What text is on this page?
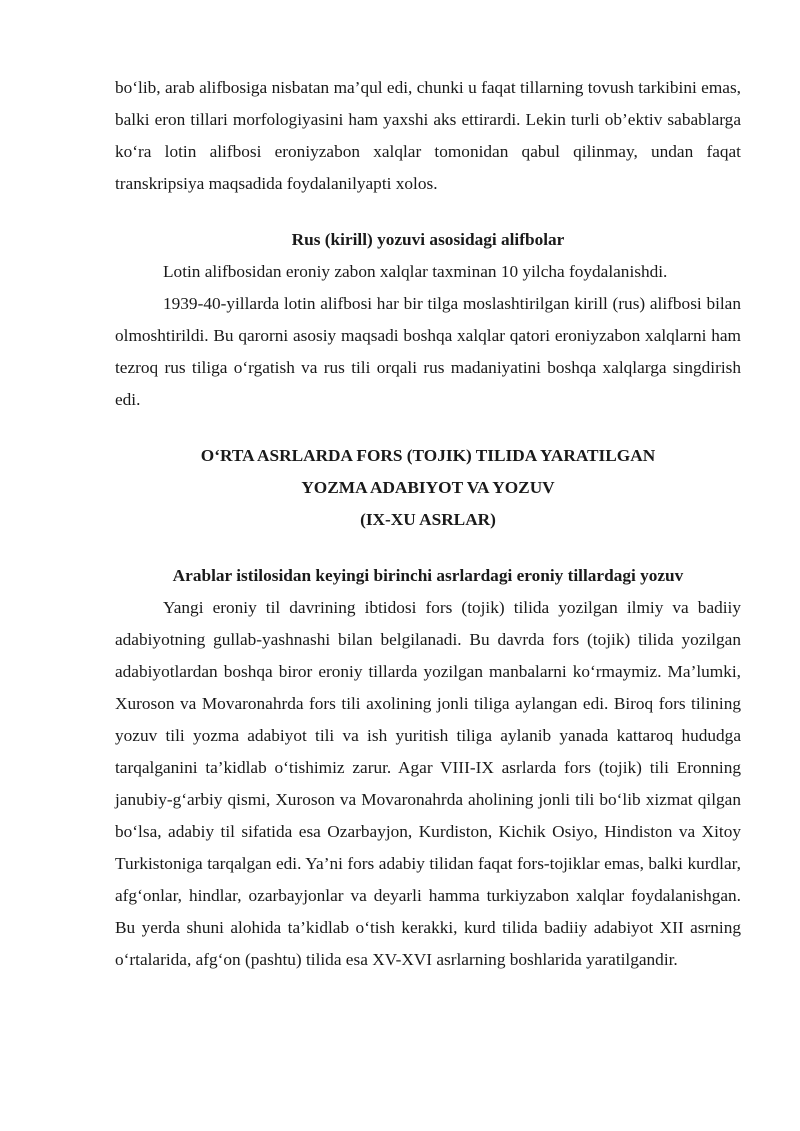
bo‘lib, arab alifbosiga nisbatan ma’qul edi, chunki u faqat tillarning tovush tarkibini emas, balki eron tillari morfologiyasini ham yaxshi aks ettirardi. Lekin turli ob’ektiv sabablarga ko‘ra lotin alifbosi eroniyzabon xalqlar tomonidan qabul qilinmay, undan faqat transkripsiya maqsadida foydalanilyapti xolos.

Rus (kirill) yozuvi asosidagi alifbolar

Lotin alifbosidan eroniy zabon xalqlar taxminan 10 yilcha foydalanishdi.

1939-40-yillarda lotin alifbosi har bir tilga moslashtirilgan kirill (rus) alifbosi bilan olmoshtirildi. Bu qarorni asosiy maqsadi boshqa xalqlar qatori eroniyzabon xalqlarni ham tezroq rus tiliga o‘rgatish va rus tili orqali rus madaniyatini boshqa xalqlarga singdirish edi.

O‘RTA ASRLARDA FORS (TOJIK) TILIDA YARATILGAN

YOZMA ADABIYOT VA YOZUV

(IX-XU ASRLAR)

Arablar istilosidan keyingi birinchi asrlardagi eroniy tillardagi yozuv

Yangi eroniy til davrining ibtidosi fors (tojik) tilida yozilgan ilmiy va badiiy adabiyotning gullab-yashnashi bilan belgilanadi. Bu davrda fors (tojik) tilida yozilgan adabiyotlardan boshqa biror eroniy tillarda yozilgan manbalarni ko‘rmaymiz. Ma’lumki, Xuroson va Movaronahrda fors tili axolining jonli tiliga aylangan edi. Biroq fors tilining yozuv tili yozma adabiyot tili va ish yuritish tiliga aylanib yanada kattaroq hududga tarqalganini ta’kidlab o‘tishimiz zarur. Agar VIII-IX asrlarda fors (tojik) tili Eronning janubiy-g‘arbiy qismi, Xuroson va Movaronahrda aholining jonli tili bo‘lib xizmat qilgan bo‘lsa, adabiy til sifatida esa Ozarbayjon, Kurdiston, Kichik Osiyo, Hindiston va Xitoy Turkistoniga tarqalgan edi. Ya’ni fors adabiy tilidan faqat fors-tojiklar emas, balki kurdlar, afg‘onlar, hindlar, ozarbayjonlar va deyarli hamma turkiyzabon xalqlar foydalanishgan. Bu yerda shuni alohida ta’kidlab o‘tish kerakki, kurd tilida badiiy adabiyot XII asrning o‘rtalarida, afg‘on (pashtu) tilida esa XV-XVI asrlarning boshlarida yaratilgandir.
